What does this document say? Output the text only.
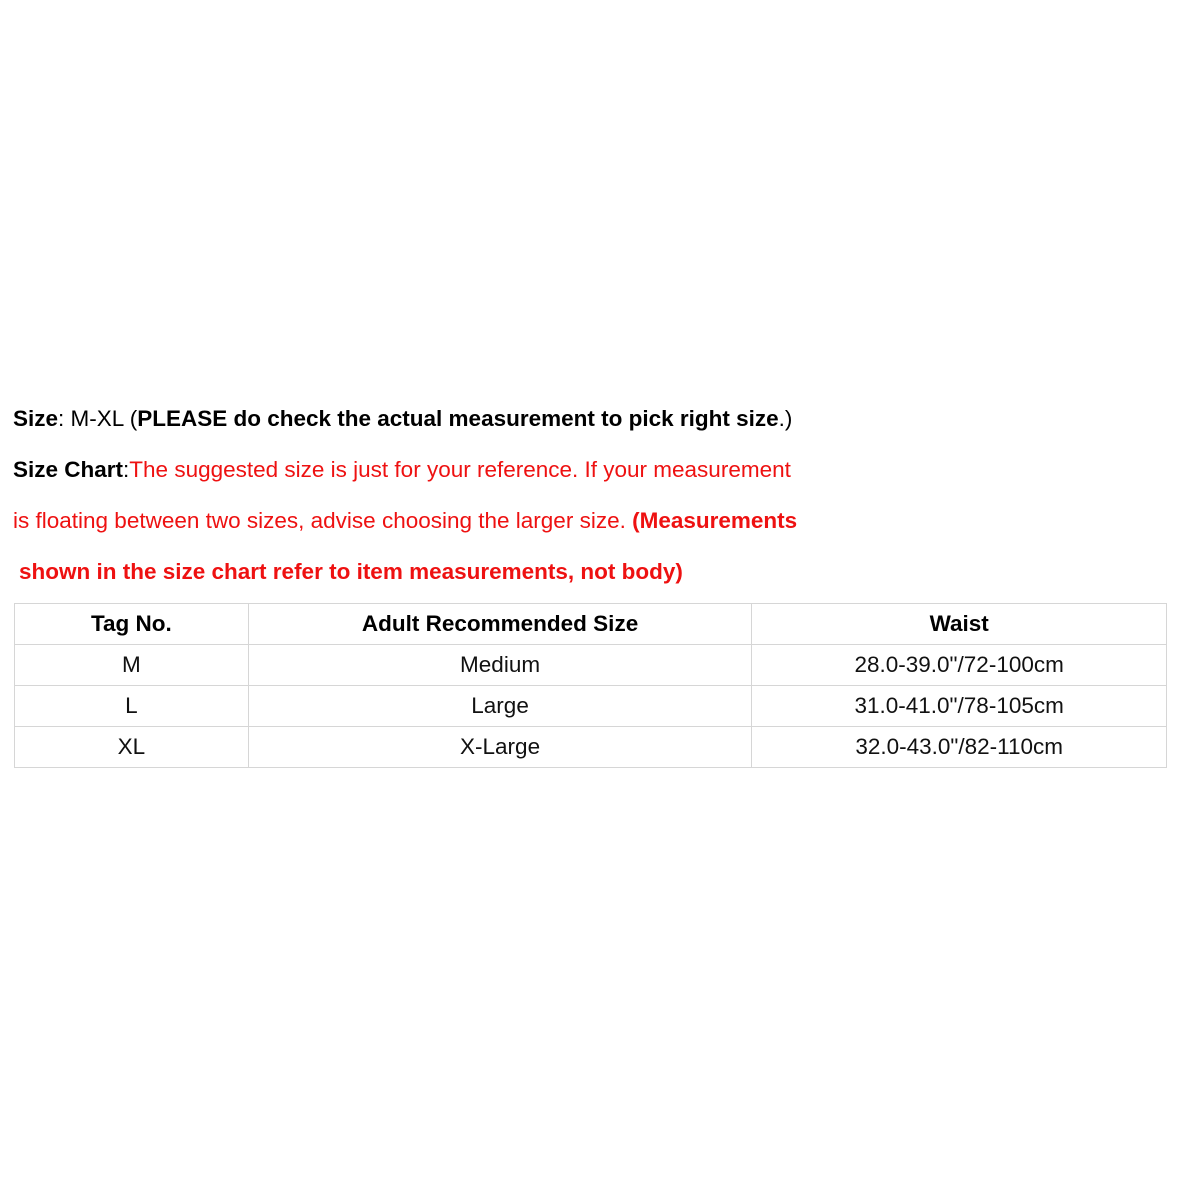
Size: M-XL (PLEASE do check the actual measurement to pick right size.)
Size Chart:The suggested size is just for your reference. If your measurement
is floating between two sizes, advise choosing the larger size. (Measurements
shown in the size chart refer to item measurements, not body)
Tag No.	Adult Recommended Size	Waist
M	Medium	28.0-39.0"/72-100cm
L	Large	31.0-41.0"/78-105cm
XL	X-Large	32.0-43.0"/82-110cm
